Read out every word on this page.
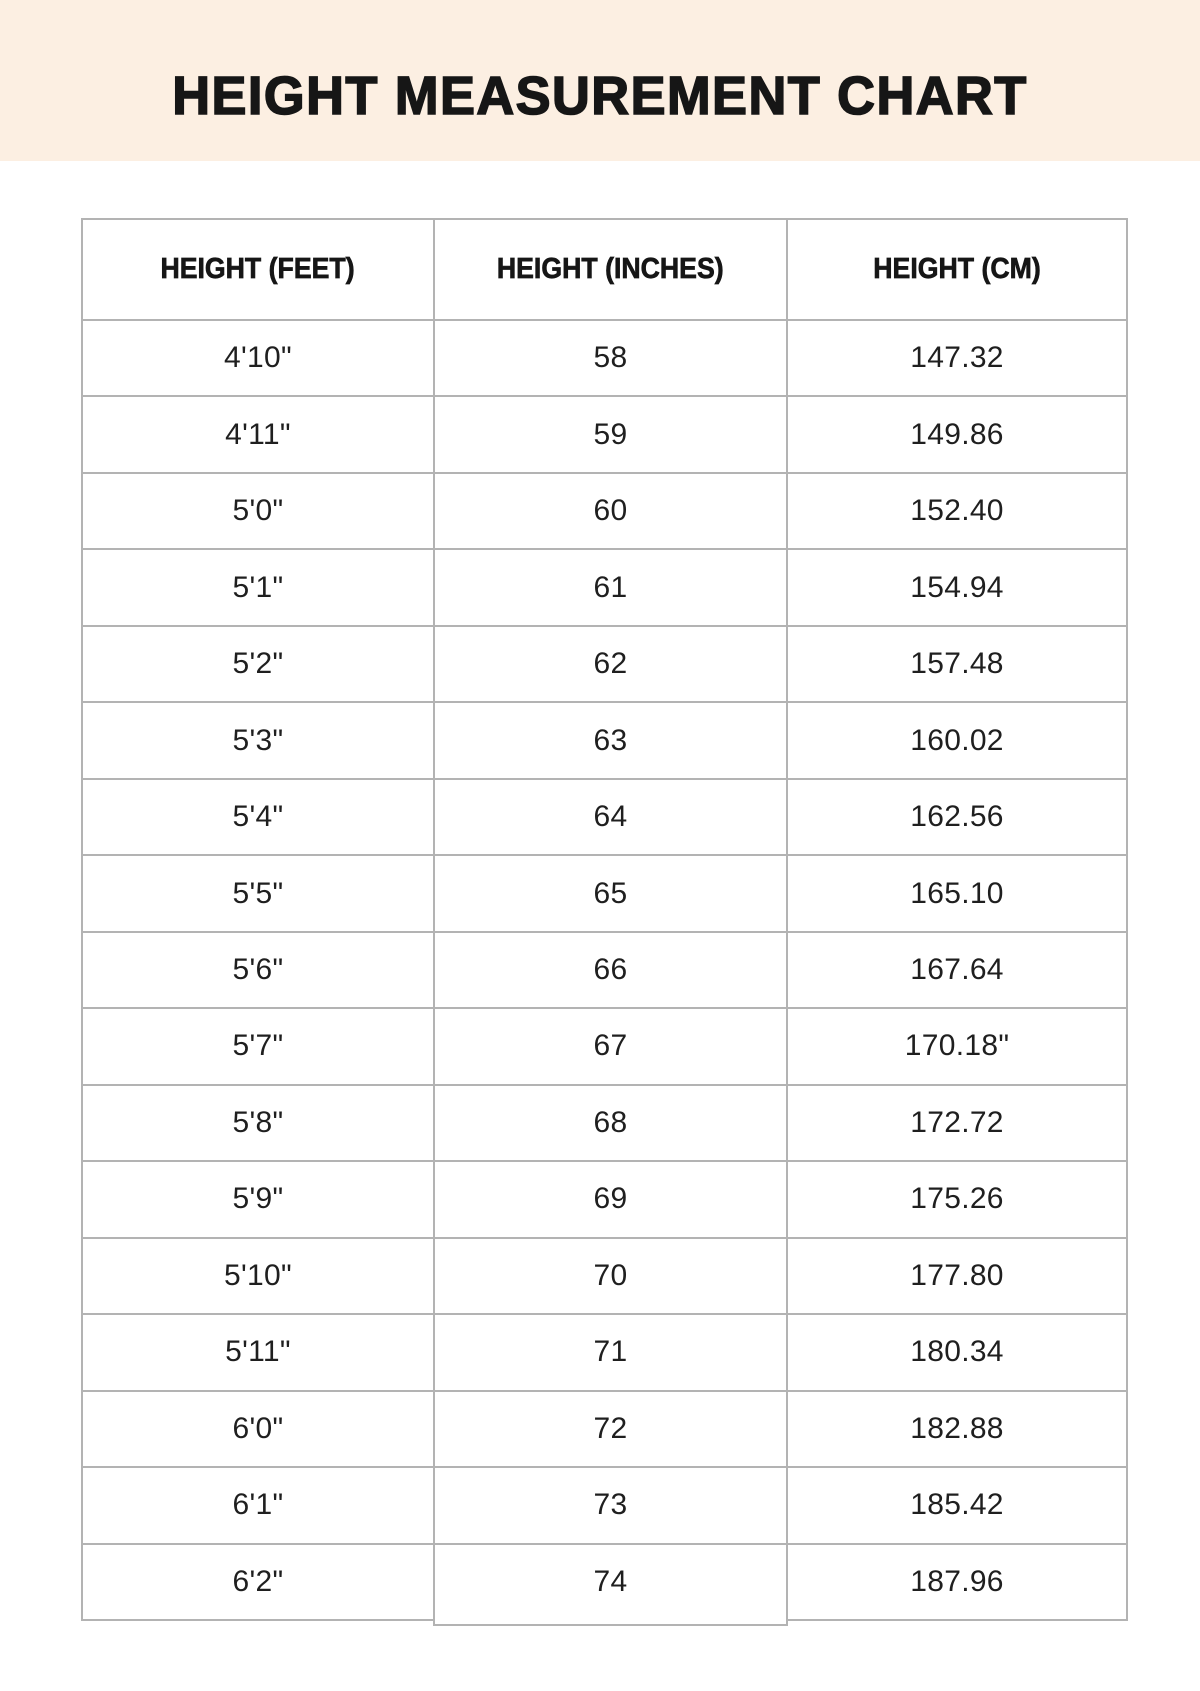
HEIGHT MEASUREMENT CHART
HEIGHT (FEET)	HEIGHT (INCHES)	HEIGHT (CM)
4'10"	58	147.32
4'11"	59	149.86
5'0"	60	152.40
5'1"	61	154.94
5'2"	62	157.48
5'3"	63	160.02
5'4"	64	162.56
5'5"	65	165.10
5'6"	66	167.64
5'7"	67	170.18"
5'8"	68	172.72
5'9"	69	175.26
5'10"	70	177.80
5'11"	71	180.34
6'0"	72	182.88
6'1"	73	185.42
6'2"	74	187.96
